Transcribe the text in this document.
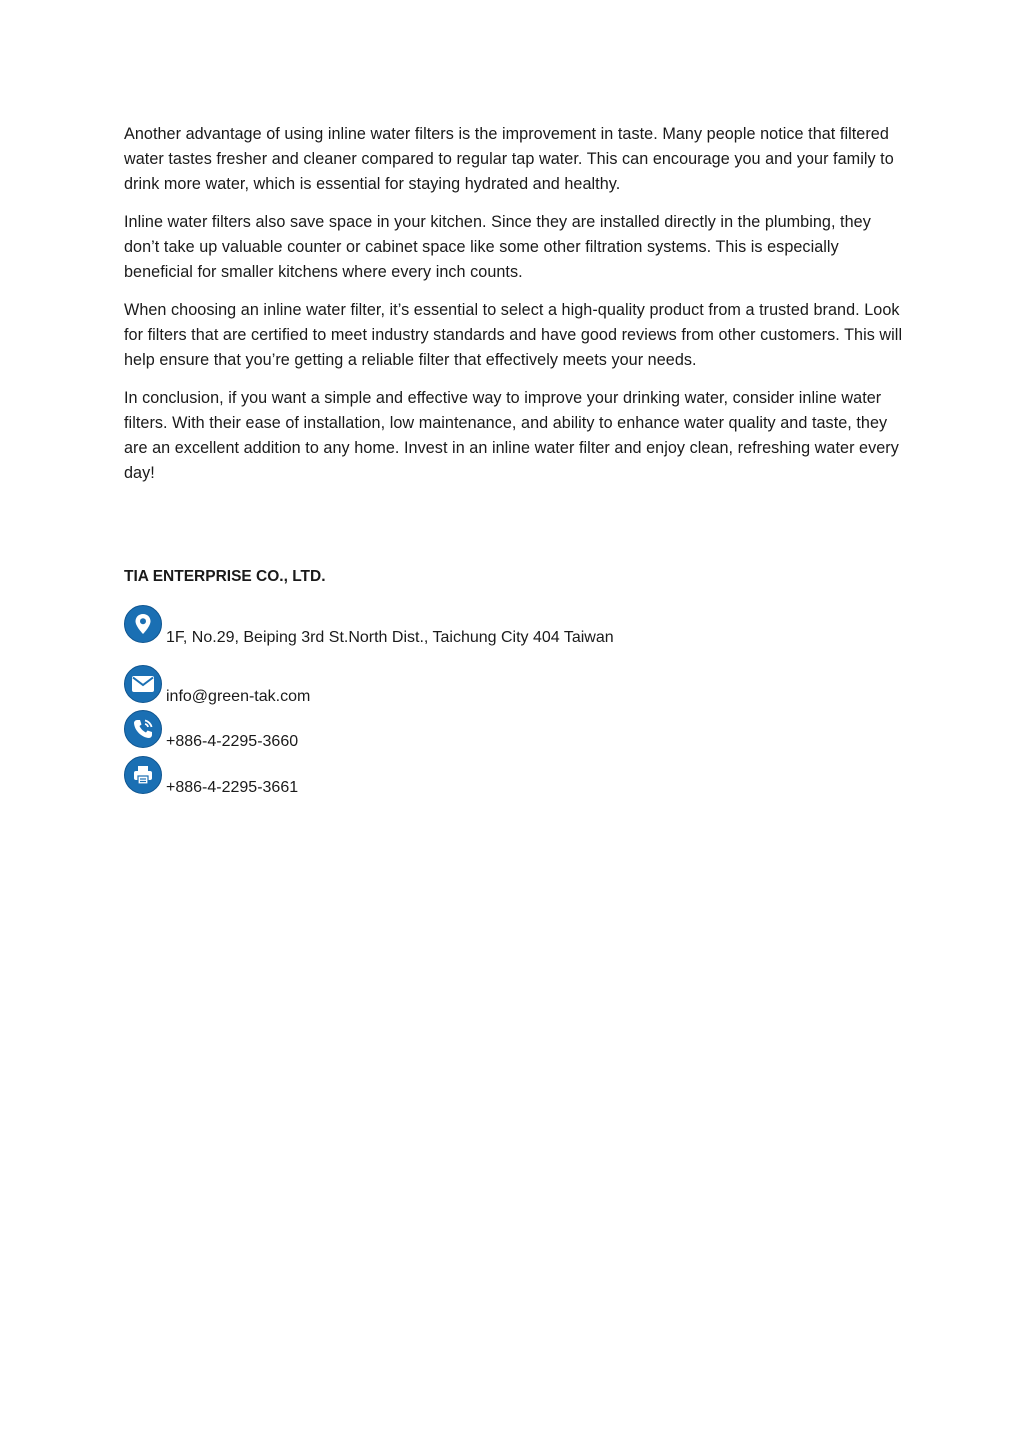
Another advantage of using inline water filters is the improvement in taste. Many people notice that filtered water tastes fresher and cleaner compared to regular tap water. This can encourage you and your family to drink more water, which is essential for staying hydrated and healthy.

Inline water filters also save space in your kitchen. Since they are installed directly in the plumbing, they don’t take up valuable counter or cabinet space like some other filtration systems. This is especially beneficial for smaller kitchens where every inch counts.

When choosing an inline water filter, it’s essential to select a high-quality product from a trusted brand. Look for filters that are certified to meet industry standards and have good reviews from other customers. This will help ensure that you’re getting a reliable filter that effectively meets your needs.

In conclusion, if you want a simple and effective way to improve your drinking water, consider inline water filters. With their ease of installation, low maintenance, and ability to enhance water quality and taste, they are an excellent addition to any home. Invest in an inline water filter and enjoy clean, refreshing water every day!

TIA ENTERPRISE CO., LTD.

1F, No.29, Beiping 3rd St.North Dist., Taichung City 404 Taiwan
info@green-tak.com
+886-4-2295-3660
+886-4-2295-3661
